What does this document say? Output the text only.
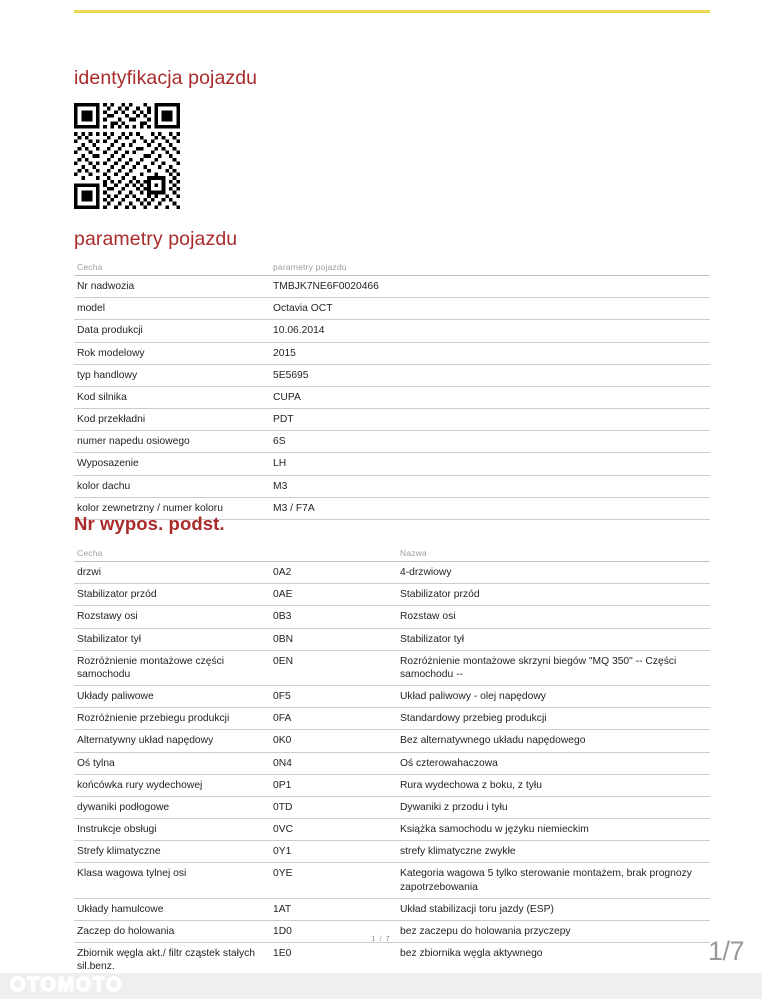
identyfikacja pojazdu
parametry pojazdu
Cecha	parametry pojazdu
Nr nadwozia	TMBJK7NE6F0020466
model	Octavia OCT
Data produkcji	10.06.2014
Rok modelowy	2015
typ handlowy	5E5695
Kod silnika	CUPA
Kod przekładni	PDT
numer napedu osiowego	6S
Wyposazenie	LH
kolor dachu	M3
kolor zewnetrzny / numer koloru	M3 / F7A
Nr wypos. podst.
Cecha		Nazwa
drzwi	0A2	4-drzwiowy
Stabilizator przód	0AE	Stabilizator przód
Rozstawy osi	0B3	Rozstaw osi
Stabilizator tył	0BN	Stabilizator tył
Rozróżnienie montażowe części samochodu	0EN	Rozróżnienie montażowe skrzyni biegów "MQ 350" -- Części samochodu --
Układy paliwowe	0F5	Układ paliwowy - olej napędowy
Rozróżnienie przebiegu produkcji	0FA	Standardowy przebieg produkcji
Alternatywny układ napędowy	0K0	Bez alternatywnego układu napędowego
Oś tylna	0N4	Oś czterowahaczowa
końcówka rury wydechowej	0P1	Rura wydechowa z boku, z tyłu
dywaniki podłogowe	0TD	Dywaniki z przodu i tyłu
Instrukcje obsługi	0VC	Książka samochodu w języku niemieckim
Strefy klimatyczne	0Y1	strefy klimatyczne zwykłe
Klasa wagowa tylnej osi	0YE	Kategoria wagowa 5 tylko sterowanie montażem, brak prognozy zapotrzebowania
Układy hamulcowe	1AT	Układ stabilizacji toru jazdy (ESP)
Zaczep do holowania	1D0	bez zaczepu do holowania przyczepy
Zbiornik węgla akt./ filtr cząstek stałych sil.benz.	1E0	bez zbiornika węgla aktywnego
1 / 7	1/7
OTOMOTO
